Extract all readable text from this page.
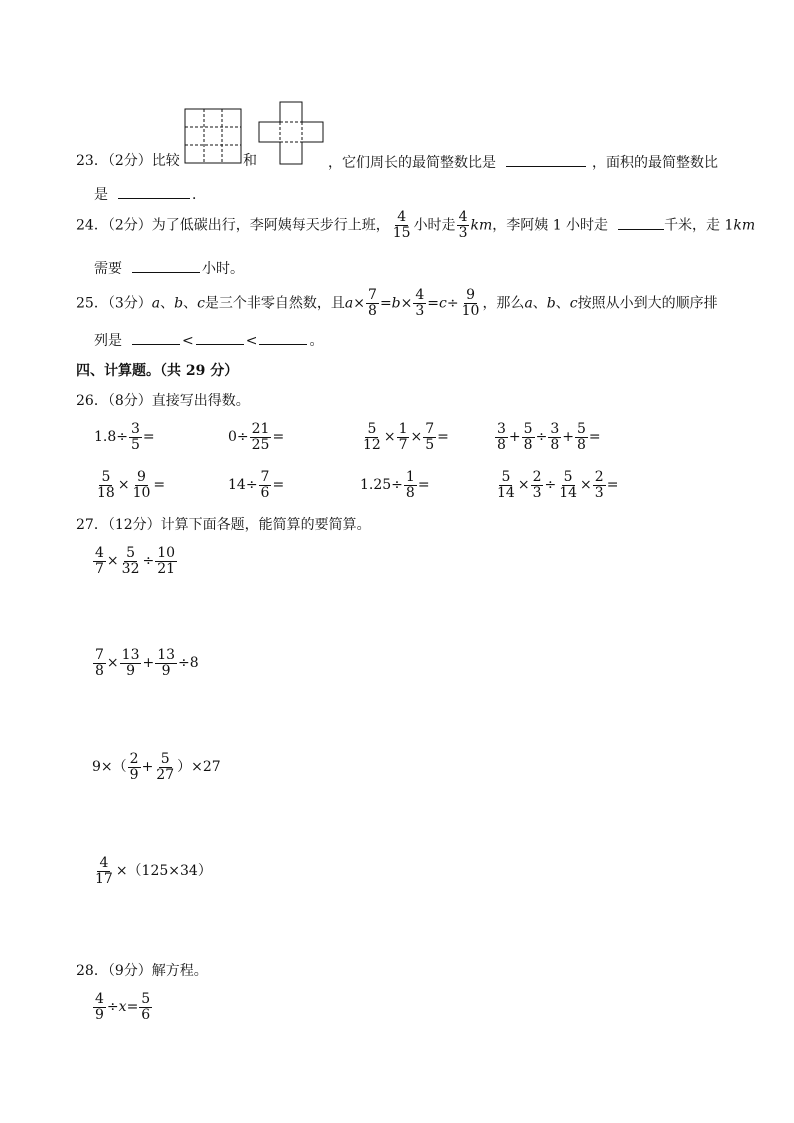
23．（2分）比较	和	，它们周长的最简整数比是	，面积的最简整数比
是	．
24．（2分）为了低碳出行，李阿姨每天步行上班， $\frac{4}{15}$ 小时走 $\frac{4}{3}$ km，李阿姨 1 小时走	千米，走 1km
需要	小时。
25．（3分）a、b、c是三个非零自然数，且$a\times \frac{7}{8} =b\times \frac{4}{3} =c\div \frac{9}{10}$ ，那么a、b、c按照从小到大的顺序排
列是	<	<	。
四、计算题。（共 29 分）
26．（8分）直接写出得数。
$1.8\div \frac{3}{5}$ =	$0\div \frac{21}{25}$ =	$\frac{5}{12} \times \frac{1}{7} \times \frac{7}{5}$ =	$\frac{3}{8} + \frac{5}{8} \div \frac{3}{8} + \frac{5}{8}$ =
$\frac{5}{18} \times \frac{9}{10}$ =	$14\div \frac{7}{6}$ =	$1.25\div \frac{1}{8}$ =	$\frac{5}{14} \times \frac{2}{3} \div \frac{5}{14} \times \frac{2}{3}$ =
27．（12分）计算下面各题，能简算的要简算。
$\frac{4}{7} \times \frac{5}{32} \div \frac{10}{21}$
$\frac{7}{8} \times \frac{13}{9} + \frac{13}{9} \div 8$
$9\times( \frac{2}{9} + \frac{5}{27} )\times 27$
$\frac{4}{17} \times(125\times 34)$
28．（9分）解方程。
$\frac{4}{9} \div x= \frac{5}{6}$
